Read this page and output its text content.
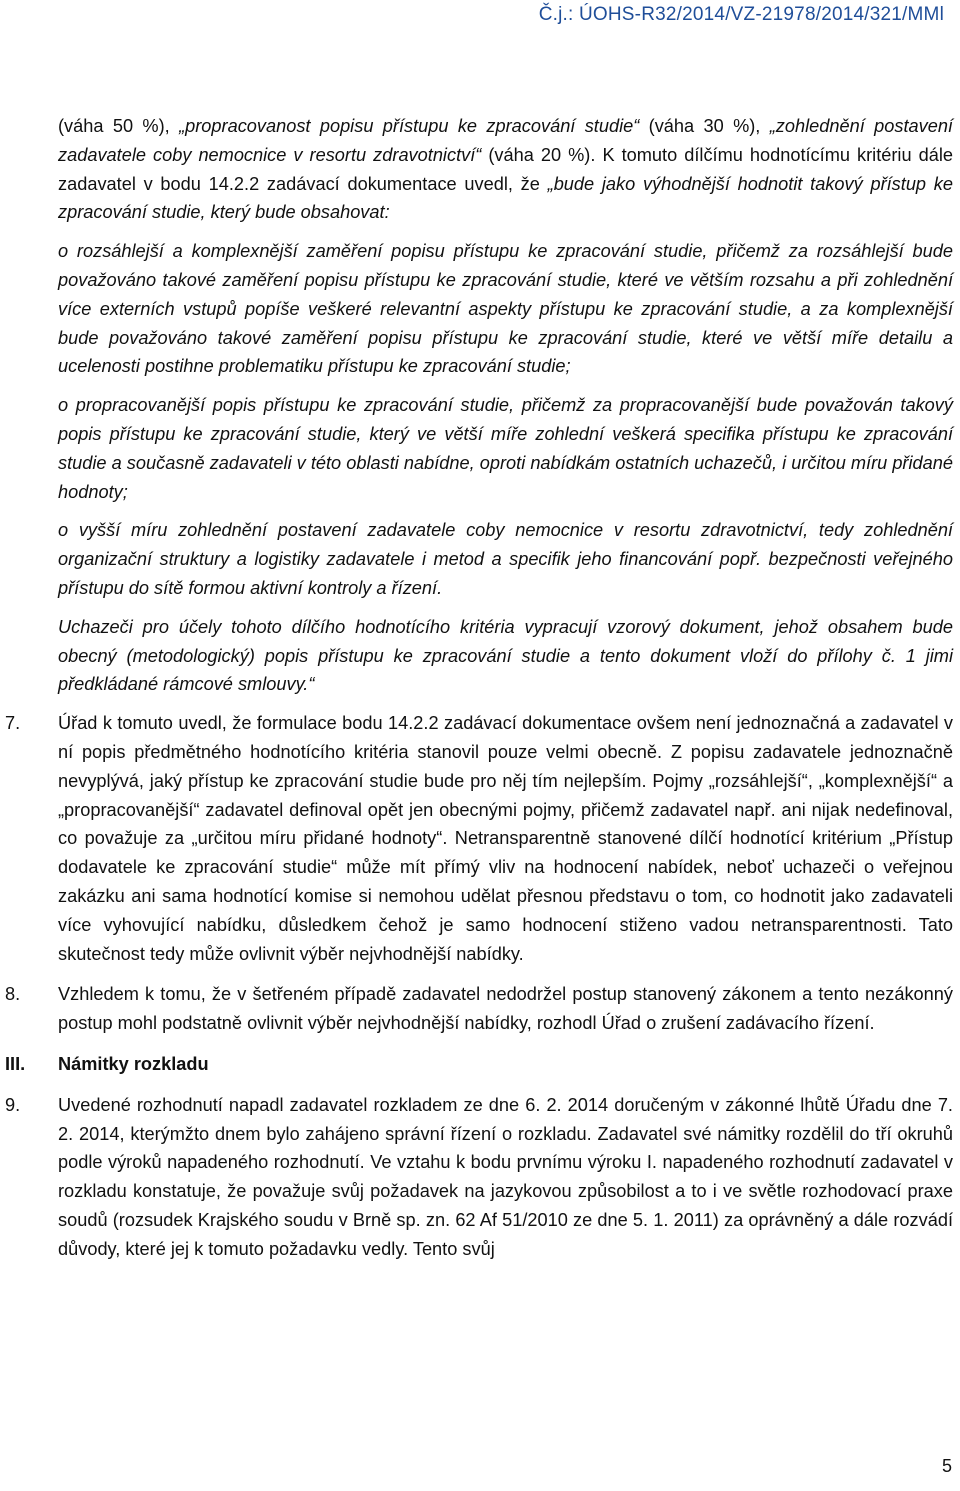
Č.j.: ÚOHS-R32/2014/VZ-21978/2014/321/MMl
(váha 50 %), „propracovanost popisu přístupu ke zpracování studie“ (váha 30 %), „zohlednění postavení zadavatele coby nemocnice v resortu zdravotnictví“ (váha 20 %). K tomuto dílčímu hodnotícímu kritériu dále zadavatel v bodu 14.2.2 zadávací dokumentace uvedl, že „bude jako výhodnější hodnotit takový přístup ke zpracování studie, který bude obsahovat:
o rozsáhlejší a komplexnější zaměření popisu přístupu ke zpracování studie, přičemž za rozsáhlejší bude považováno takové zaměření popisu přístupu ke zpracování studie, které ve větším rozsahu a při zohlednění více externích vstupů popíše veškeré relevantní aspekty přístupu ke zpracování studie, a za komplexnější bude považováno takové zaměření popisu přístupu ke zpracování studie, které ve větší míře detailu a ucelenosti postihne problematiku přístupu ke zpracování studie;
o propracovanější popis přístupu ke zpracování studie, přičemž za propracovanější bude považován takový popis přístupu ke zpracování studie, který ve větší míře zohlední veškerá specifika přístupu ke zpracování studie a současně zadavateli v této oblasti nabídne, oproti nabídkám ostatních uchazečů, i určitou míru přidané hodnoty;
o vyšší míru zohlednění postavení zadavatele coby nemocnice v resortu zdravotnictví, tedy zohlednění organizační struktury a logistiky zadavatele i metod a specifik jeho financování popř. bezpečnosti veřejného přístupu do sítě formou aktivní kontroly a řízení.
Uchazeči pro účely tohoto dílčího hodnotícího kritéria vypracují vzorový dokument, jehož obsahem bude obecný (metodologický) popis přístupu ke zpracování studie a tento dokument vloží do přílohy č. 1 jimi předkládané rámcové smlouvy.“
7. Úřad k tomuto uvedl, že formulace bodu 14.2.2 zadávací dokumentace ovšem není jednoznačná a zadavatel v ní popis předmětného hodnotícího kritéria stanovil pouze velmi obecně. Z popisu zadavatele jednoznačně nevyplývá, jaký přístup ke zpracování studie bude pro něj tím nejlepším. Pojmy „rozsáhlejší“, „komplexnější“ a „propracovanější“ zadavatel definoval opět jen obecnými pojmy, přičemž zadavatel např. ani nijak nedefinoval, co považuje za „určitou míru přidané hodnoty“. Netransparentně stanovené dílčí hodnotící kritérium „Přístup dodavatele ke zpracování studie“ může mít přímý vliv na hodnocení nabídek, neboť uchazeči o veřejnou zakázku ani sama hodnotící komise si nemohou udělat přesnou představu o tom, co hodnotit jako zadavateli více vyhovující nabídku, důsledkem čehož je samo hodnocení stiženo vadou netransparentnosti. Tato skutečnost tedy může ovlivnit výběr nejvhodnější nabídky.
8. Vzhledem k tomu, že v šetřeném případě zadavatel nedodržel postup stanovený zákonem a tento nezákonný postup mohl podstatně ovlivnit výběr nejvhodnější nabídky, rozhodl Úřad o zrušení zadávacího řízení.
III. Námitky rozkladu
9. Uvedené rozhodnutí napadl zadavatel rozkladem ze dne 6. 2. 2014 doručeným v zákonné lhůtě Úřadu dne 7. 2. 2014, kterýmžto dnem bylo zahájeno správní řízení o rozkladu. Zadavatel své námitky rozdělil do tří okruhů podle výroků napadeného rozhodnutí. Ve vztahu k bodu prvnímu výroku I. napadeného rozhodnutí zadavatel v rozkladu konstatuje, že považuje svůj požadavek na jazykovou způsobilost a to i ve světle rozhodovací praxe soudů (rozsudek Krajského soudu v Brně sp. zn. 62 Af 51/2010 ze dne 5. 1. 2011) za oprávněný a dále rozvádí důvody, které jej k tomuto požadavku vedly. Tento svůj
5
